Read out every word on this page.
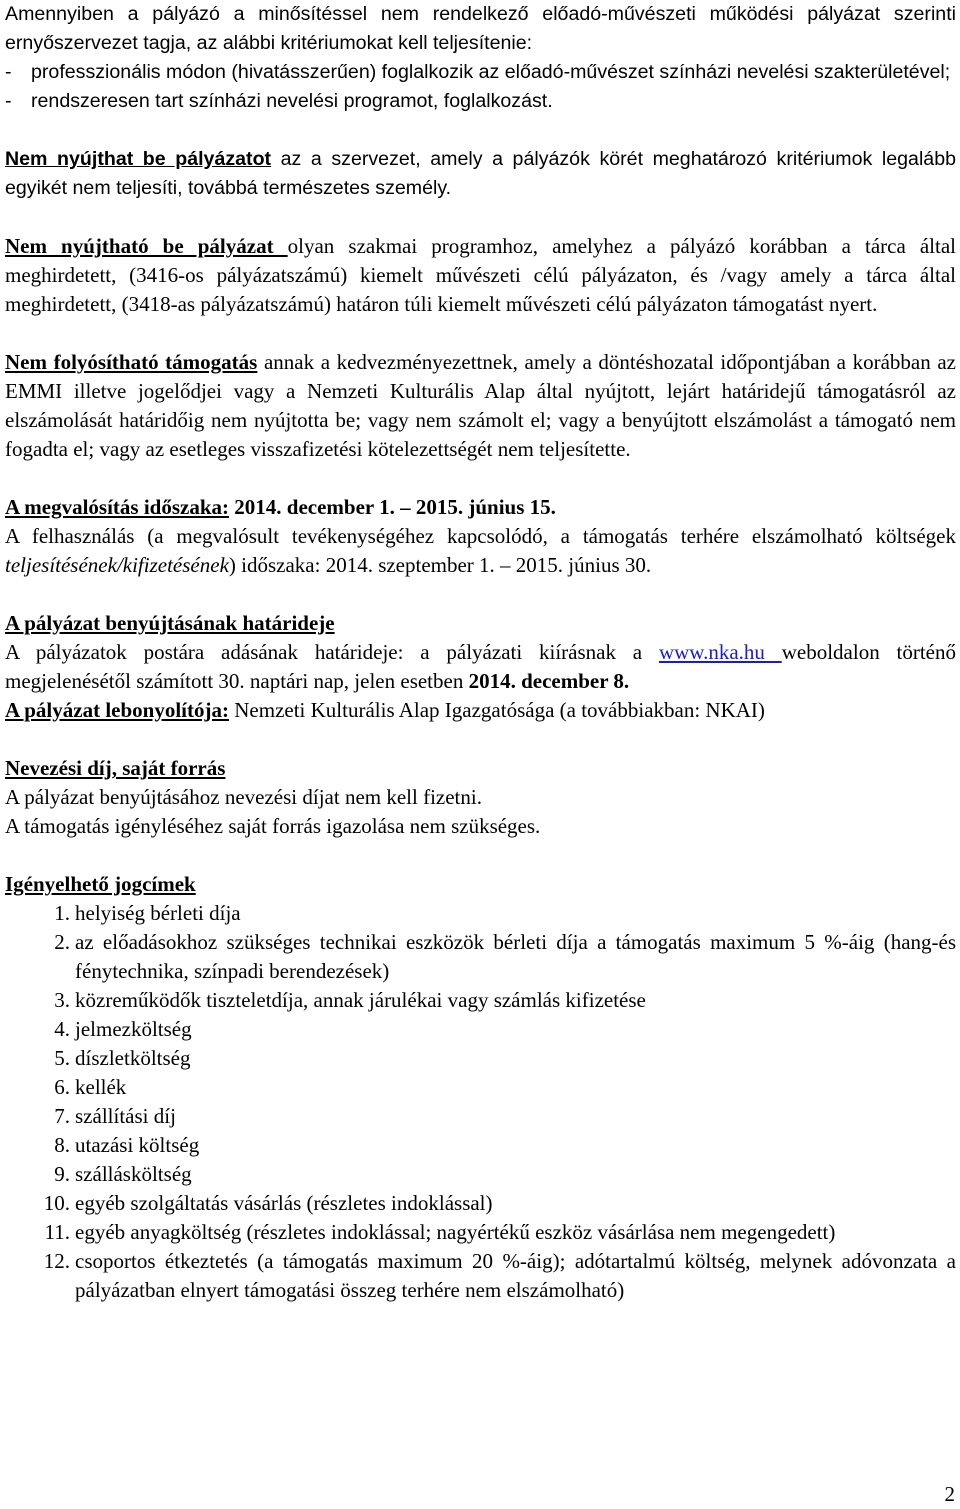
Amennyiben a pályázó a minősítéssel nem rendelkező előadó-művészeti működési pályázat szerinti ernyőszervezet tagja, az alábbi kritériumokat kell teljesítenie:
- professzionális módon (hivatásszerűen) foglalkozik az előadó-művészet színházi nevelési szakterületével;
- rendszeresen tart színházi nevelési programot, foglalkozást.
Nem nyújthat be pályázatot az a szervezet, amely a pályázók körét meghatározó kritériumok legalább egyikét nem teljesíti, továbbá természetes személy.
Nem nyújtható be pályázat olyan szakmai programhoz, amelyhez a pályázó korábban a tárca által meghirdetett, (3416-os pályázatszámú) kiemelt művészeti célú pályázaton, és /vagy amely a tárca által meghirdetett, (3418-as pályázatszámú) határon túli kiemelt művészeti célú pályázaton támogatást nyert.
Nem folyósítható támogatás annak a kedvezményezettnek, amely a döntéshozatal időpontjában a korábban az EMMI illetve jogelődjei vagy a Nemzeti Kulturális Alap által nyújtott, lejárt határidejű támogatásról az elszámolását határidőig nem nyújtotta be; vagy nem számolt el; vagy a benyújtott elszámolást a támogató nem fogadta el; vagy az esetleges visszafizetési kötelezettségét nem teljesítette.
A megvalósítás időszaka: 2014. december 1. – 2015. június 15.
A felhasználás (a megvalósult tevékenységéhez kapcsolódó, a támogatás terhére elszámolható költségek teljesítésének/kifizetésének) időszaka: 2014. szeptember 1. – 2015. június 30.
A pályázat benyújtásának határideje
A pályázatok postára adásának határideje: a pályázati kiírásnak a www.nka.hu weboldalon történő megjelenésétől számított 30. naptári nap, jelen esetben 2014. december 8.
A pályázat lebonyolítója: Nemzeti Kulturális Alap Igazgatósága (a továbbiakban: NKAI)
Nevezési díj, saját forrás
A pályázat benyújtásához nevezési díjat nem kell fizetni.
A támogatás igényléséhez saját forrás igazolása nem szükséges.
Igényelhető jogcímek
1. helyiség bérleti díja
2. az előadásokhoz szükséges technikai eszközök bérleti díja a támogatás maximum 5 %-áig (hang-és fénytechnika, színpadi berendezések)
3. közreműködők tiszteletdíja, annak járulékai vagy számlás kifizetése
4. jelmezköltség
5. díszletköltség
6. kellék
7. szállítási díj
8. utazási költség
9. szállásköltség
10. egyéb szolgáltatás vásárlás (részletes indoklással)
11. egyéb anyagköltség (részletes indoklással; nagyértékű eszköz vásárlása nem megengedett)
12. csoportos étkeztetés (a támogatás maximum 20 %-áig); adótartalmú költség, melynek adóvonzata a pályázatban elnyert támogatási összeg terhére nem elszámolható)
2
